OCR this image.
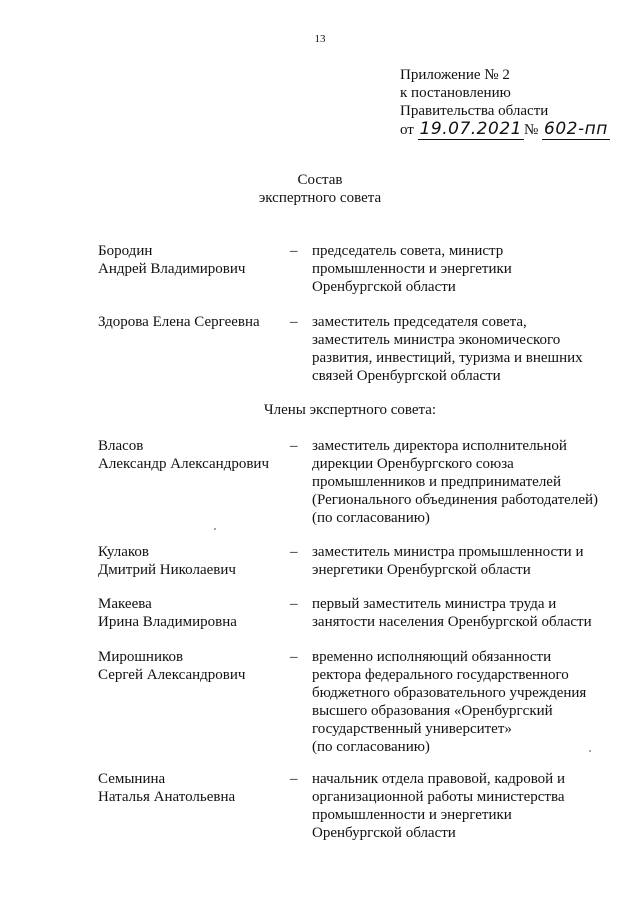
13
Приложение № 2
к постановлению
Правительства области
от 19.07.2021 № 602-пп
Состав
экспертного совета
Бородин
Андрей Владимирович
– председатель совета, министр
промышленности и энергетики
Оренбургской области
Здорова Елена Сергеевна	– заместитель председателя совета,
заместитель министра экономического
развития, инвестиций, туризма и внешних
связей Оренбургской области
Члены экспертного совета:
Власов
Александр Александрович
– заместитель директора исполнительной
дирекции Оренбургского союза
промышленников и предпринимателей
(Регионального объединения работодателей)
(по согласованию)
Кулаков
Дмитрий Николаевич
– заместитель министра промышленности и
энергетики Оренбургской области
Макеева
Ирина Владимировна
– первый заместитель министра труда и
занятости населения Оренбургской области
Мирошников
Сергей Александрович
– временно исполняющий обязанности
ректора федерального государственного
бюджетного образовательного учреждения
высшего образования «Оренбургский
государственный университет»
(по согласованию)
Семынина
Наталья Анатольевна
– начальник отдела правовой, кадровой и
организационной работы министерства
промышленности и энергетики
Оренбургской области
